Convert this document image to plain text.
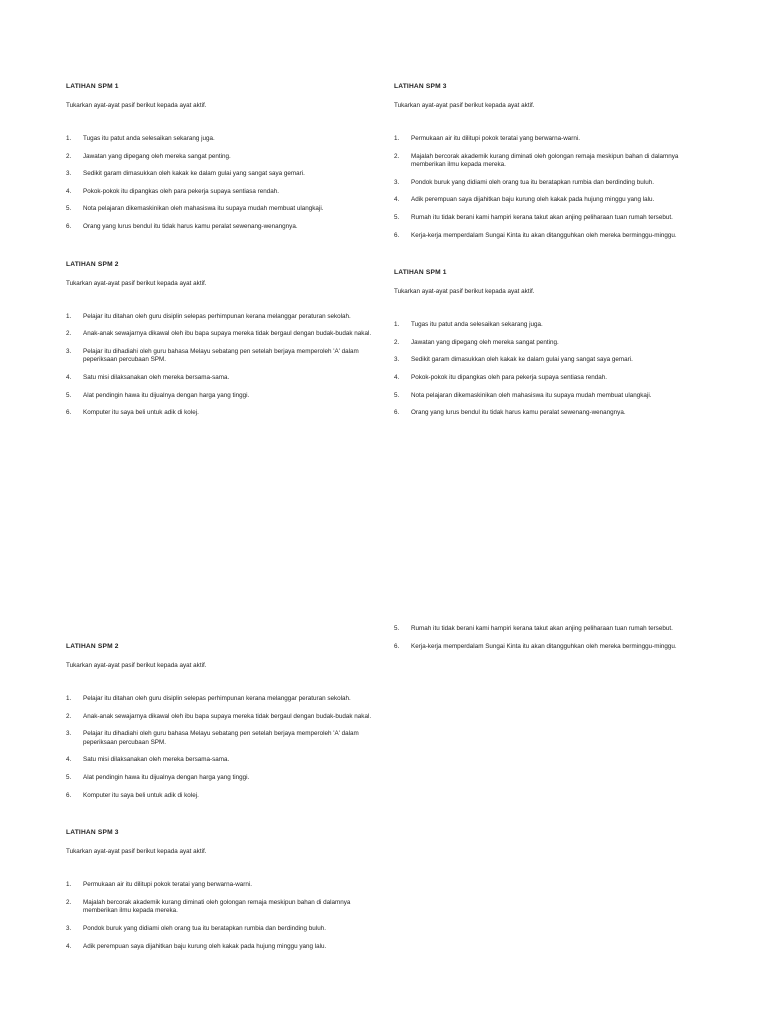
LATIHAN SPM 1
Tukarkan ayat-ayat pasif berikut kepada ayat aktif.
1.	Tugas itu patut anda selesaikan sekarang juga.
2.	Jawatan yang dipegang oleh mereka sangat penting.
3.	Sedikit garam dimasukkan oleh kakak ke dalam gulai yang sangat saya gemari.
4.	Pokok-pokok itu dipangkas oleh para pekerja supaya sentiasa rendah.
5.	Nota pelajaran dikemaskinikan oleh mahasiswa itu supaya mudah membuat ulangkaji.
6.	Orang yang lurus bendul itu tidak harus kamu peralat sewenang-wenangnya.
LATIHAN SPM 2
Tukarkan ayat-ayat pasif berikut kepada ayat aktif.
1.	Pelajar itu ditahan oleh guru disiplin selepas perhimpunan kerana melanggar peraturan sekolah.
2.	Anak-anak sewajarnya dikawal oleh ibu bapa supaya mereka tidak bergaul dengan budak-budak nakal.
3.	Pelajar itu dihadiahi oleh guru bahasa Melayu sebatang pen setelah berjaya memperoleh 'A' dalam peperiksaan percubaan SPM.
4.	Satu misi dilaksanakan oleh mereka bersama-sama.
5.	Alat pendingin hawa itu dijualnya dengan harga yang tinggi.
6.	Komputer itu saya beli untuk adik di kolej.
LATIHAN SPM 3
Tukarkan ayat-ayat pasif berikut kepada ayat aktif.
1.	Permukaan air itu dilitupi pokok teratai yang berwarna-warni.
2.	Majalah bercorak akademik kurang diminati oleh golongan remaja meskipun bahan di dalamnya memberikan ilmu kepada mereka.
3.	Pondok buruk yang didiami oleh orang tua itu beratapkan rumbia dan berdinding buluh.
4.	Adik perempuan saya dijahitkan baju kurung oleh kakak pada hujung minggu yang lalu.
5.	Rumah itu tidak berani kami hampiri kerana takut akan anjing peliharaan tuan rumah tersebut.
6.	Kerja-kerja memperdalam Sungai Kinta itu akan ditangguhkan oleh mereka berminggu-minggu.
LATIHAN SPM 1
Tukarkan ayat-ayat pasif berikut kepada ayat aktif.
1.	Tugas itu patut anda selesaikan sekarang juga.
2.	Jawatan yang dipegang oleh mereka sangat penting.
3.	Sedikit garam dimasukkan oleh kakak ke dalam gulai yang sangat saya gemari.
4.	Pokok-pokok itu dipangkas oleh para pekerja supaya sentiasa rendah.
5.	Nota pelajaran dikemaskinikan oleh mahasiswa itu supaya mudah membuat ulangkaji.
6.	Orang yang lurus bendul itu tidak harus kamu peralat sewenang-wenangnya.
LATIHAN SPM 2
Tukarkan ayat-ayat pasif berikut kepada ayat aktif.
1.	Pelajar itu ditahan oleh guru disiplin selepas perhimpunan kerana melanggar peraturan sekolah.
2.	Anak-anak sewajarnya dikawal oleh ibu bapa supaya mereka tidak bergaul dengan budak-budak nakal.
3.	Pelajar itu dihadiahi oleh guru bahasa Melayu sebatang pen setelah berjaya memperoleh 'A' dalam peperiksaan percubaan SPM.
4.	Satu misi dilaksanakan oleh mereka bersama-sama.
5.	Alat pendingin hawa itu dijualnya dengan harga yang tinggi.
6.	Komputer itu saya beli untuk adik di kolej.
LATIHAN SPM 3
Tukarkan ayat-ayat pasif berikut kepada ayat aktif.
1.	Permukaan air itu dilitupi pokok teratai yang berwarna-warni.
2.	Majalah bercorak akademik kurang diminati oleh golongan remaja meskipun bahan di dalamnya memberikan ilmu kepada mereka.
3.	Pondok buruk yang didiami oleh orang tua itu beratapkan rumbia dan berdinding buluh.
4.	Adik perempuan saya dijahitkan baju kurung oleh kakak pada hujung minggu yang lalu.
5.	Rumah itu tidak berani kami hampiri kerana takut akan anjing peliharaan tuan rumah tersebut.
6.	Kerja-kerja memperdalam Sungai Kinta itu akan ditangguhkan oleh mereka berminggu-minggu.
